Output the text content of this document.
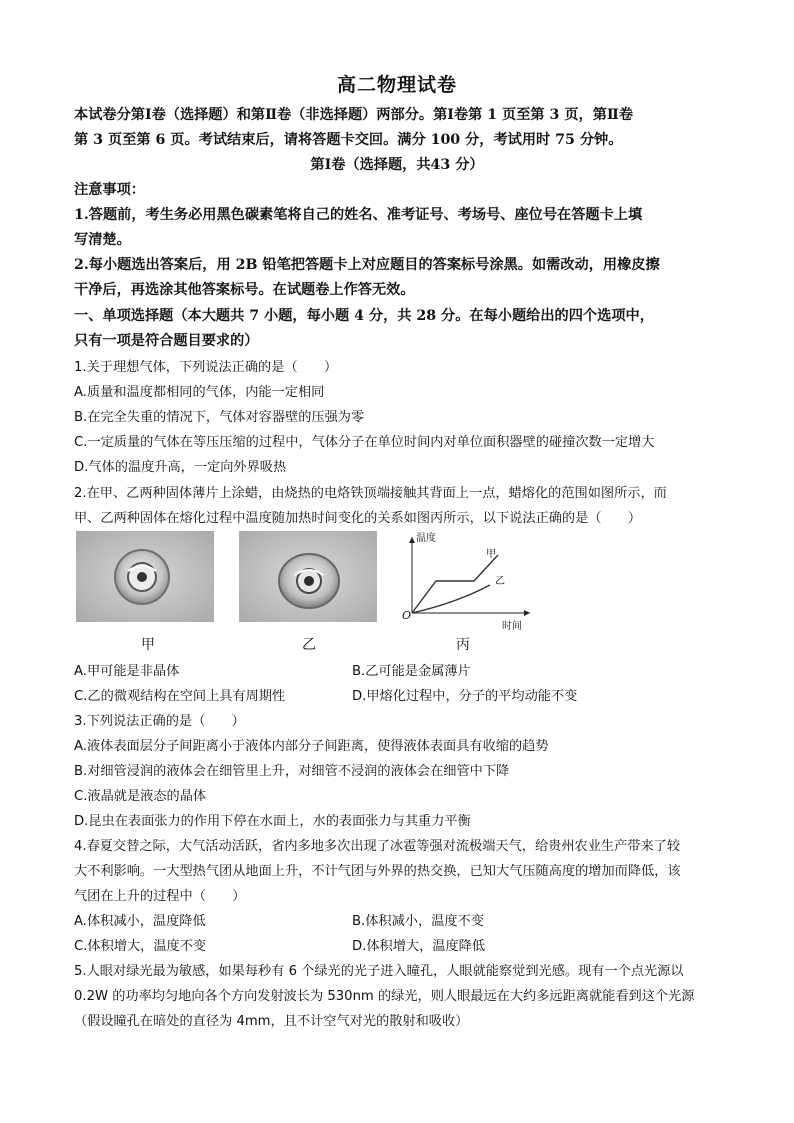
高二物理试卷
本试卷分第Ⅰ卷（选择题）和第Ⅱ卷（非选择题）两部分。第Ⅰ卷第 1 页至第 3 页，第Ⅱ卷
第 3 页至第 6 页。考试结束后，请将答题卡交回。满分 100 分，考试用时 75 分钟。
第Ⅰ卷（选择题，共43 分）
注意事项：
1.答题前，考生务必用黑色碳素笔将自己的姓名、准考证号、考场号、座位号在答题卡上填
写清楚。
2.每小题选出答案后，用 2B 铅笔把答题卡上对应题目的答案标号涂黑。如需改动，用橡皮擦
干净后，再选涂其他答案标号。在试题卷上作答无效。
一、单项选择题（本大题共 7 小题，每小题 4 分，共 28 分。在每小题给出的四个选项中，
只有一项是符合题目要求的）
1.关于理想气体，下列说法正确的是（　　）
A.质量和温度都相同的气体，内能一定相同
B.在完全失重的情况下，气体对容器壁的压强为零
C.一定质量的气体在等压压缩的过程中，气体分子在单位时间内对单位面积器壁的碰撞次数一定增大
D.气体的温度升高，一定向外界吸热
2.在甲、乙两种固体薄片上涂蜡，由烧热的电烙铁顶端接触其背面上一点，蜡熔化的范围如图所示，而
甲、乙两种固体在熔化过程中温度随加热时间变化的关系如图丙所示，以下说法正确的是（　　）
温度
时间
O
甲
乙
甲	乙	丙
A.甲可能是非晶体	B.乙可能是金属薄片
C.乙的微观结构在空间上具有周期性	D.甲熔化过程中，分子的平均动能不变
3.下列说法正确的是（　　）
A.液体表面层分子间距离小于液体内部分子间距离，使得液体表面具有收缩的趋势
B.对细管浸润的液体会在细管里上升，对细管不浸润的液体会在细管中下降
C.液晶就是液态的晶体
D.昆虫在表面张力的作用下停在水面上，水的表面张力与其重力平衡
4.春夏交替之际，大气活动活跃，省内多地多次出现了冰雹等强对流极端天气，给贵州农业生产带来了较
大不利影响。一大型热气团从地面上升，不计气团与外界的热交换，已知大气压随高度的增加而降低，该
气团在上升的过程中（　　）
A.体积减小，温度降低	B.体积减小，温度不变
C.体积增大，温度不变	D.体积增大，温度降低
5.人眼对绿光最为敏感，如果每秒有 6 个绿光的光子进入瞳孔，人眼就能察觉到光感。现有一个点光源以
0.2W 的功率均匀地向各个方向发射波长为 530nm 的绿光，则人眼最远在大约多远距离就能看到这个光源
（假设瞳孔在暗处的直径为 4mm，且不计空气对光的散射和吸收）
